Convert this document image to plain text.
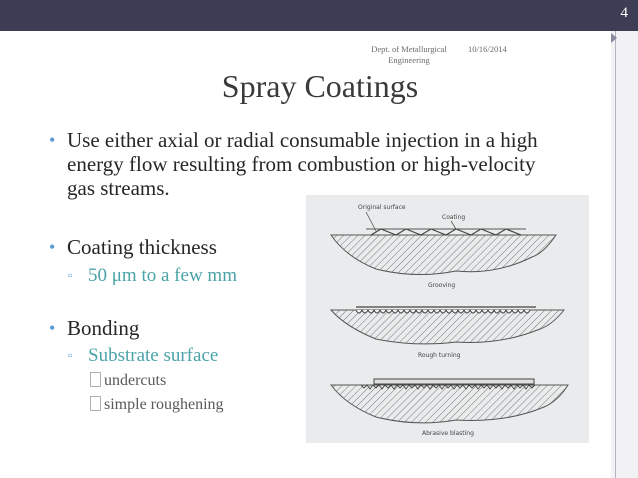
4
Dept. of Metallurgical Engineering
10/16/2014
Spray Coatings
• Use either axial or radial consumable injection in a high
energy flow resulting from combustion or high-velocity
gas streams.
• Coating thickness
▫ 50 μm to a few mm
• Bonding
▫ Substrate surface
undercuts
simple roughening
Original surface
Coating
Grooving
Rough turning
Abrasive blasting
